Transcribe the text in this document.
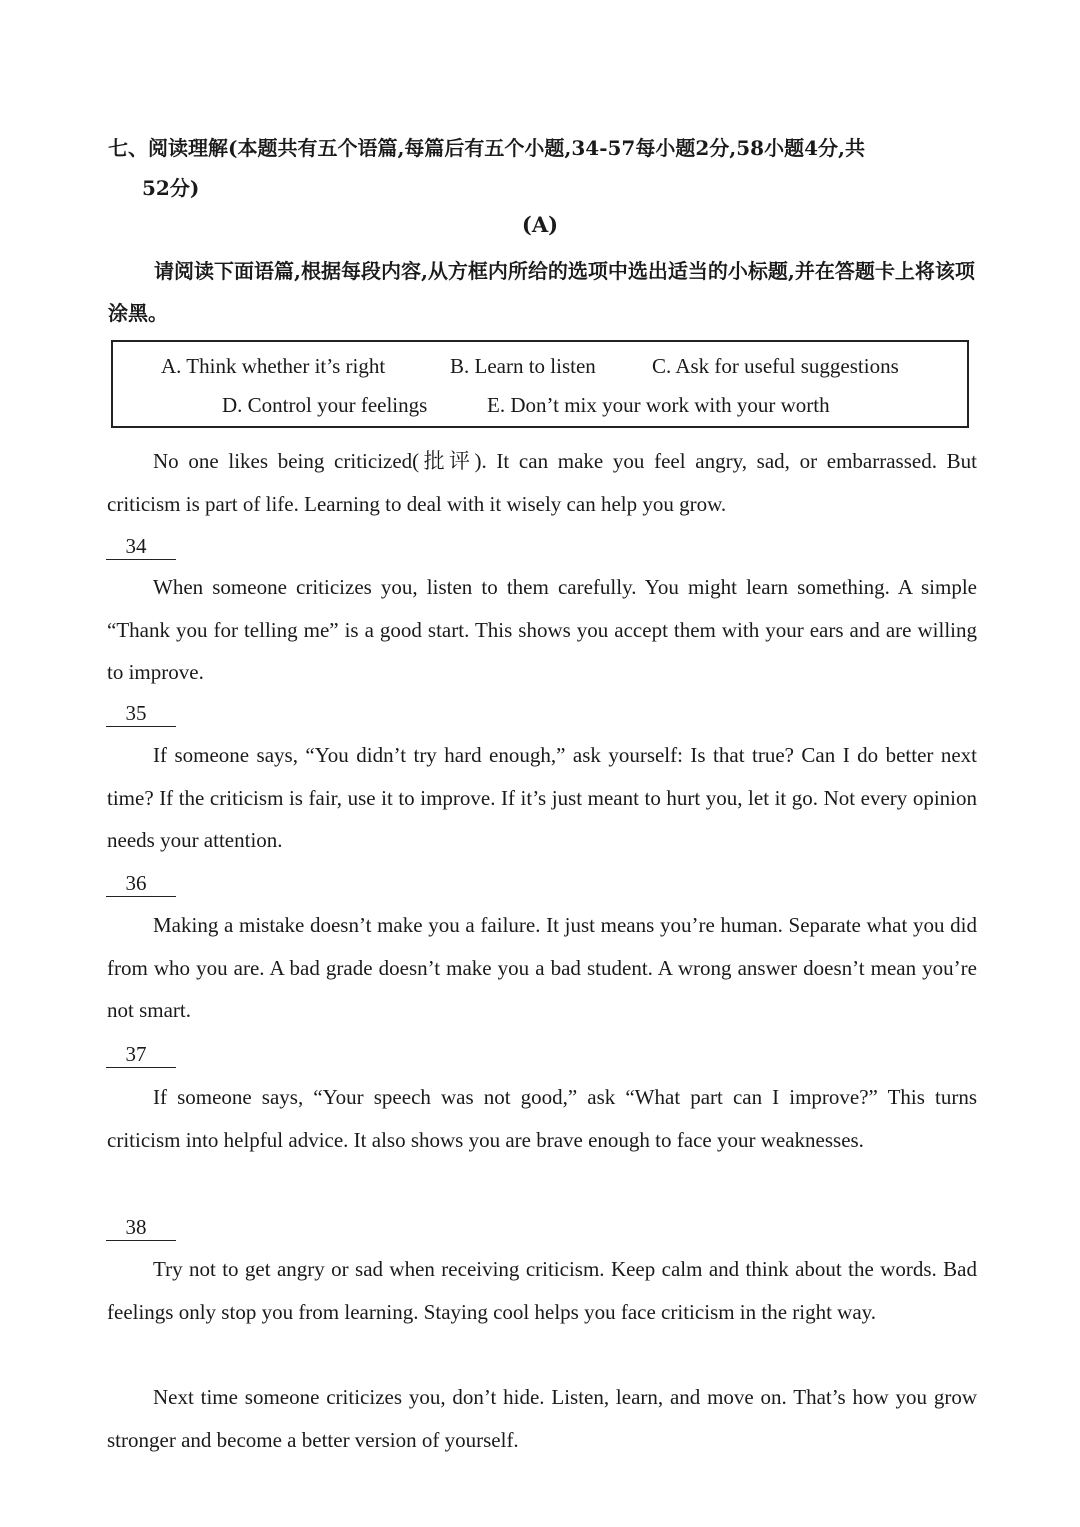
七、阅读理解(本题共有五个语篇,每篇后有五个小题,34-57每小题2分,58小题4分,共
52分)
(A)
请阅读下面语篇,根据每段内容,从方框内所给的选项中选出适当的小标题,并在答题卡上将该项涂黑。
A. Think whether it’s right	B. Learn to listen	C. Ask for useful suggestions
D. Control your feelings	E. Don’t mix your work with your worth

No one likes being criticized(批评). It can make you feel angry, sad, or embarrassed. But criticism is part of life. Learning to deal with it wisely can help you grow.

34

When someone criticizes you, listen to them carefully. You might learn something. A simple “Thank you for telling me” is a good start. This shows you accept them with your ears and are willing to improve.

35

If someone says, “You didn’t try hard enough,” ask yourself: Is that true? Can I do better next time? If the criticism is fair, use it to improve. If it’s just meant to hurt you, let it go. Not every opinion needs your attention.

36

Making a mistake doesn’t make you a failure. It just means you’re human. Separate what you did from who you are. A bad grade doesn’t make you a bad student. A wrong answer doesn’t mean you’re not smart.

37

If someone says, “Your speech was not good,” ask “What part can I improve?” This turns criticism into helpful advice. It also shows you are brave enough to face your weaknesses.

38

Try not to get angry or sad when receiving criticism. Keep calm and think about the words. Bad feelings only stop you from learning. Staying cool helps you face criticism in the right way.

Next time someone criticizes you, don’t hide. Listen, learn, and move on. That’s how you grow stronger and become a better version of yourself.
